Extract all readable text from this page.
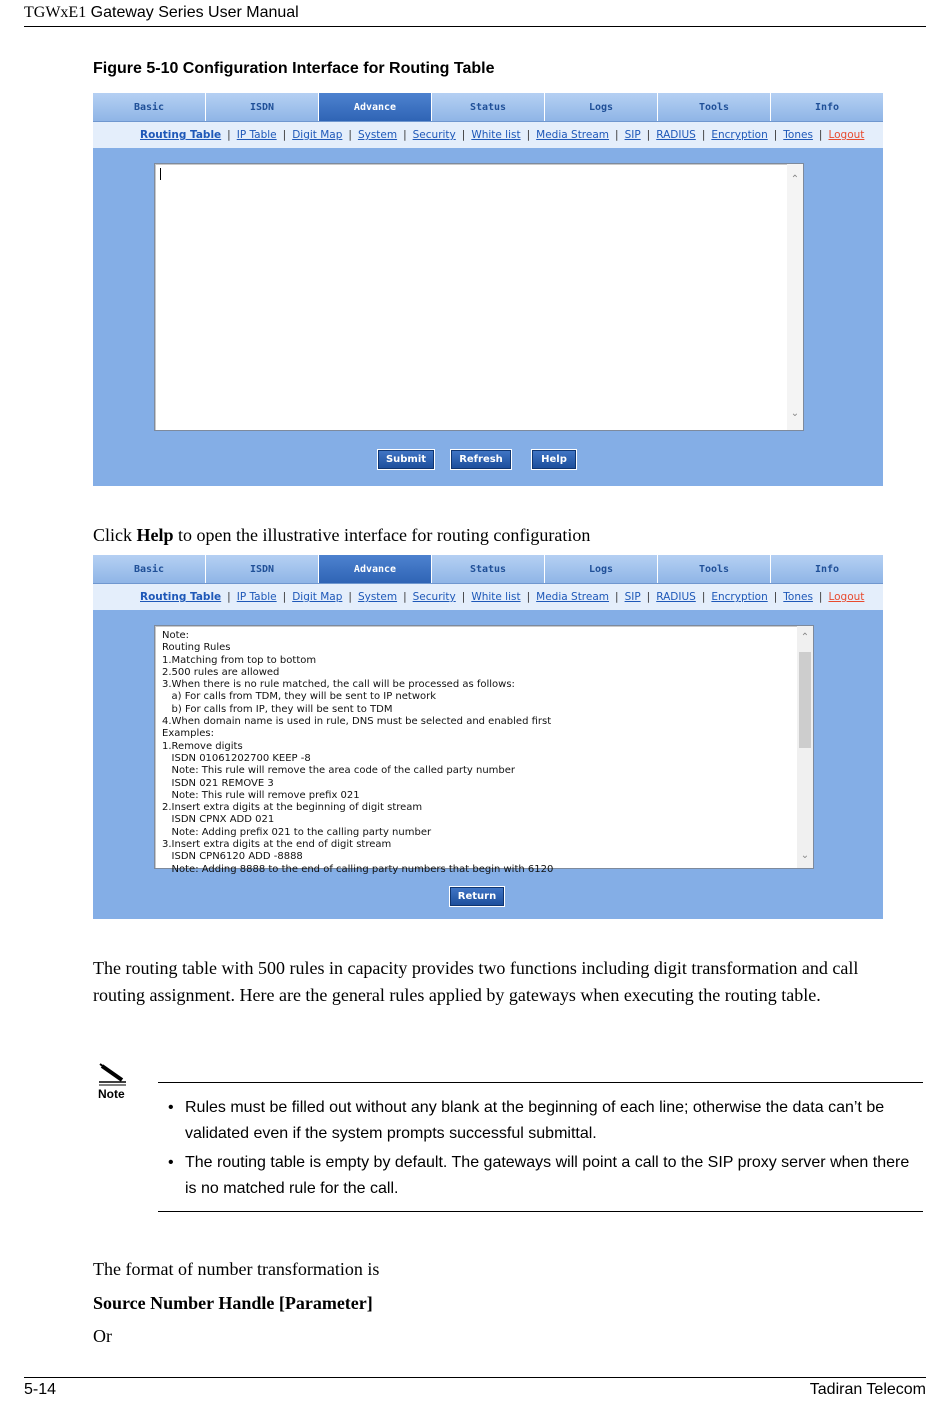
TGWxE1 Gateway Series User Manual
Figure 5-10 Configuration Interface for Routing Table
Basic	ISDN	Advance	Status	Logs	Tools	Info
Routing Table | IP Table | Digit Map | System | Security | White list | Media Stream | SIP | RADIUS | Encryption | Tones | Logout
⌃
⌄
Submit	Refresh	Help
Click Help to open the illustrative interface for routing configuration
Basic	ISDN	Advance	Status	Logs	Tools	Info
Routing Table | IP Table | Digit Map | System | Security | White list | Media Stream | SIP | RADIUS | Encryption | Tones | Logout
⌃
⌄
Return
Note:
Routing Rules
1.Matching from top to bottom
2.500 rules are allowed
3.When there is no rule matched, the call will be processed as follows:
a) For calls from TDM, they will be sent to IP network
b) For calls from IP, they will be sent to TDM
4.When domain name is used in rule, DNS must be selected and enabled first
Examples:
1.Remove digits
ISDN 01061202700 KEEP -8
Note: This rule will remove the area code of the called party number
ISDN 021 REMOVE 3
Note: This rule will remove prefix 021
2.Insert extra digits at the beginning of digit stream
ISDN CPNX ADD 021
Note: Adding prefix 021 to the calling party number
3.Insert extra digits at the end of digit stream
ISDN CPN6120 ADD -8888
Note: Adding 8888 to the end of calling party numbers that begin with 6120
The routing table with 500 rules in capacity provides two functions including digit transformation and call
routing assignment. Here are the general rules applied by gateways when executing the routing table.
Note
• Rules must be filled out without any blank at the beginning of each line; otherwise the data can’t be validated even if the system prompts successful submittal.
• The routing table is empty by default. The gateways will point a call to the SIP proxy server when there is no matched rule for the call.
The format of number transformation is
Source Number Handle [Parameter]
Or
5-14	Tadiran Telecom
